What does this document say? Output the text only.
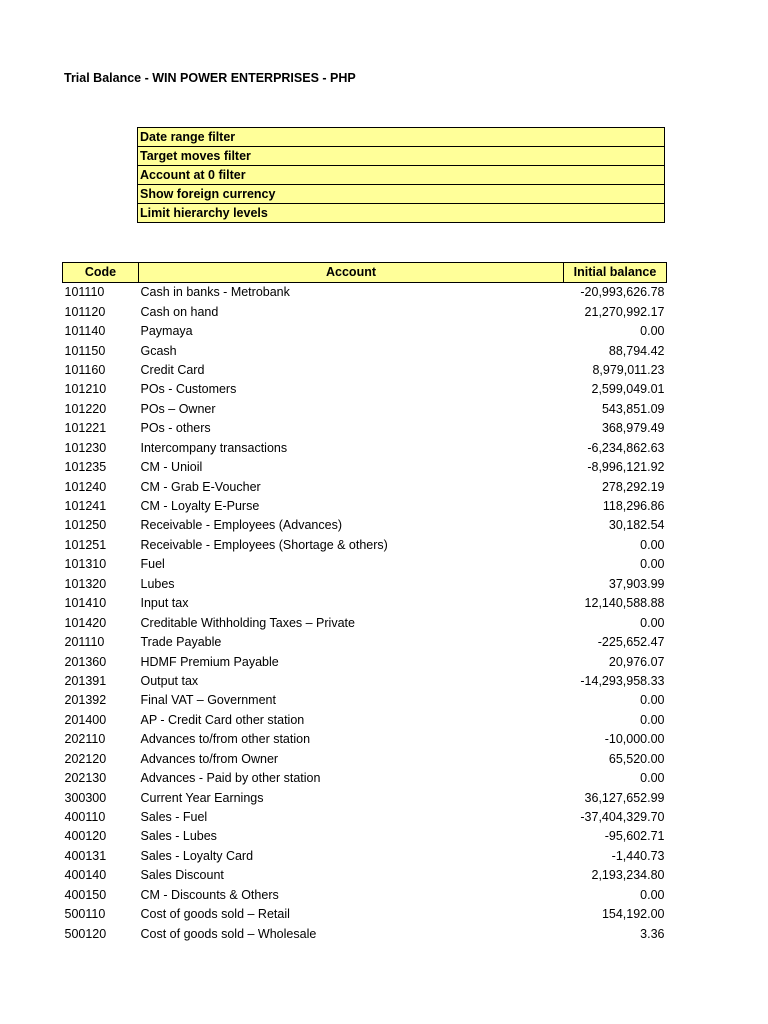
Trial Balance - WIN POWER ENTERPRISES - PHP
Date range filter
Target moves filter
Account at 0 filter
Show foreign currency
Limit hierarchy levels
Code	Account	Initial balance
101110	Cash in banks - Metrobank	-20,993,626.78
101120	Cash on hand	21,270,992.17
101140	Paymaya	0.00
101150	Gcash	88,794.42
101160	Credit Card	8,979,011.23
101210	POs - Customers	2,599,049.01
101220	POs – Owner	543,851.09
101221	POs - others	368,979.49
101230	Intercompany transactions	-6,234,862.63
101235	CM - Unioil	-8,996,121.92
101240	CM - Grab E-Voucher	278,292.19
101241	CM - Loyalty E-Purse	118,296.86
101250	Receivable - Employees (Advances)	30,182.54
101251	Receivable - Employees (Shortage & others)	0.00
101310	Fuel	0.00
101320	Lubes	37,903.99
101410	Input tax	12,140,588.88
101420	Creditable Withholding Taxes – Private	0.00
201110	Trade Payable	-225,652.47
201360	HDMF Premium Payable	20,976.07
201391	Output tax	-14,293,958.33
201392	Final VAT – Government	0.00
201400	AP - Credit Card other station	0.00
202110	Advances to/from other station	-10,000.00
202120	Advances to/from Owner	65,520.00
202130	Advances - Paid by other station	0.00
300300	Current Year Earnings	36,127,652.99
400110	Sales - Fuel	-37,404,329.70
400120	Sales - Lubes	-95,602.71
400131	Sales - Loyalty Card	-1,440.73
400140	Sales Discount	2,193,234.80
400150	CM - Discounts & Others	0.00
500110	Cost of goods sold – Retail	154,192.00
500120	Cost of goods sold – Wholesale	3.36
